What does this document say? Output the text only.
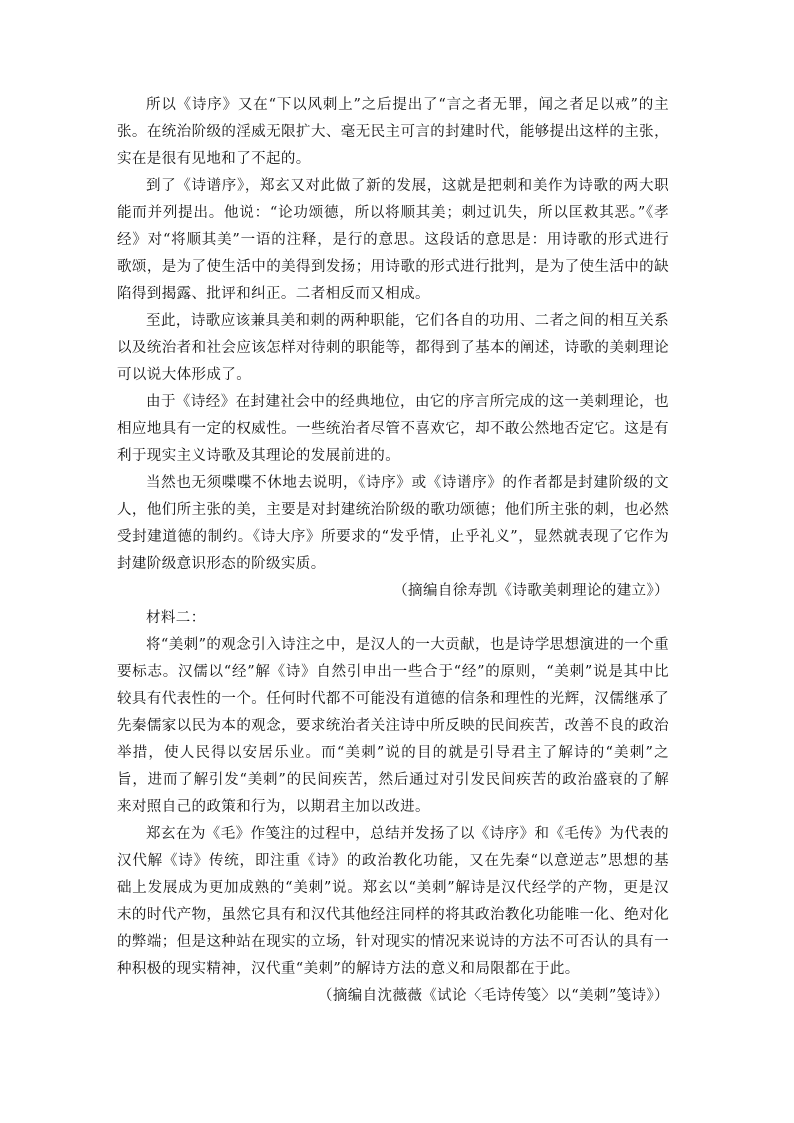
所以《诗序》又在“下以风刺上”之后提出了“言之者无罪，闻之者足以戒”的主张。在统治阶级的淫威无限扩大、毫无民主可言的封建时代，能够提出这样的主张，实在是很有见地和了不起的。

到了《诗谱序》，郑玄又对此做了新的发展，这就是把刺和美作为诗歌的两大职能而并列提出。他说：“论功颂德，所以将顺其美；刺过讥失，所以匡救其恶。”《孝经》对“将顺其美”一语的注释，是行的意思。这段话的意思是：用诗歌的形式进行歌颂，是为了使生活中的美得到发扬；用诗歌的形式进行批判，是为了使生活中的缺陷得到揭露、批评和纠正。二者相反而又相成。

至此，诗歌应该兼具美和刺的两种职能，它们各自的功用、二者之间的相互关系以及统治者和社会应该怎样对待刺的职能等，都得到了基本的阐述，诗歌的美刺理论可以说大体形成了。

由于《诗经》在封建社会中的经典地位，由它的序言所完成的这一美刺理论，也相应地具有一定的权威性。一些统治者尽管不喜欢它，却不敢公然地否定它。这是有利于现实主义诗歌及其理论的发展前进的。

当然也无须喋喋不休地去说明，《诗序》或《诗谱序》的作者都是封建阶级的文人，他们所主张的美，主要是对封建统治阶级的歌功颂德；他们所主张的刺，也必然受封建道德的制约。《诗大序》所要求的“发乎情，止乎礼义”，显然就表现了它作为封建阶级意识形态的阶级实质。

（摘编自徐寿凯《诗歌美刺理论的建立》）

材料二：

将“美刺”的观念引入诗注之中，是汉人的一大贡献，也是诗学思想演进的一个重要标志。汉儒以“经”解《诗》自然引申出一些合于“经”的原则，“美刺”说是其中比较具有代表性的一个。任何时代都不可能没有道德的信条和理性的光辉，汉儒继承了先秦儒家以民为本的观念，要求统治者关注诗中所反映的民间疾苦，改善不良的政治举措，使人民得以安居乐业。而“美刺”说的目的就是引导君主了解诗的“美刺”之旨，进而了解引发“美刺”的民间疾苦，然后通过对引发民间疾苦的政治盛衰的了解来对照自己的政策和行为，以期君主加以改进。

郑玄在为《毛》作笺注的过程中，总结并发扬了以《诗序》和《毛传》为代表的汉代解《诗》传统，即注重《诗》的政治教化功能，又在先秦“以意逆志”思想的基础上发展成为更加成熟的“美刺”说。郑玄以“美刺”解诗是汉代经学的产物，更是汉末的时代产物，虽然它具有和汉代其他经注同样的将其政治教化功能唯一化、绝对化的弊端；但是这种站在现实的立场，针对现实的情况来说诗的方法不可否认的具有一种积极的现实精神，汉代重“美刺”的解诗方法的意义和局限都在于此。

（摘编自沈薇薇《试论〈毛诗传笺〉以“美刺”笺诗》）
